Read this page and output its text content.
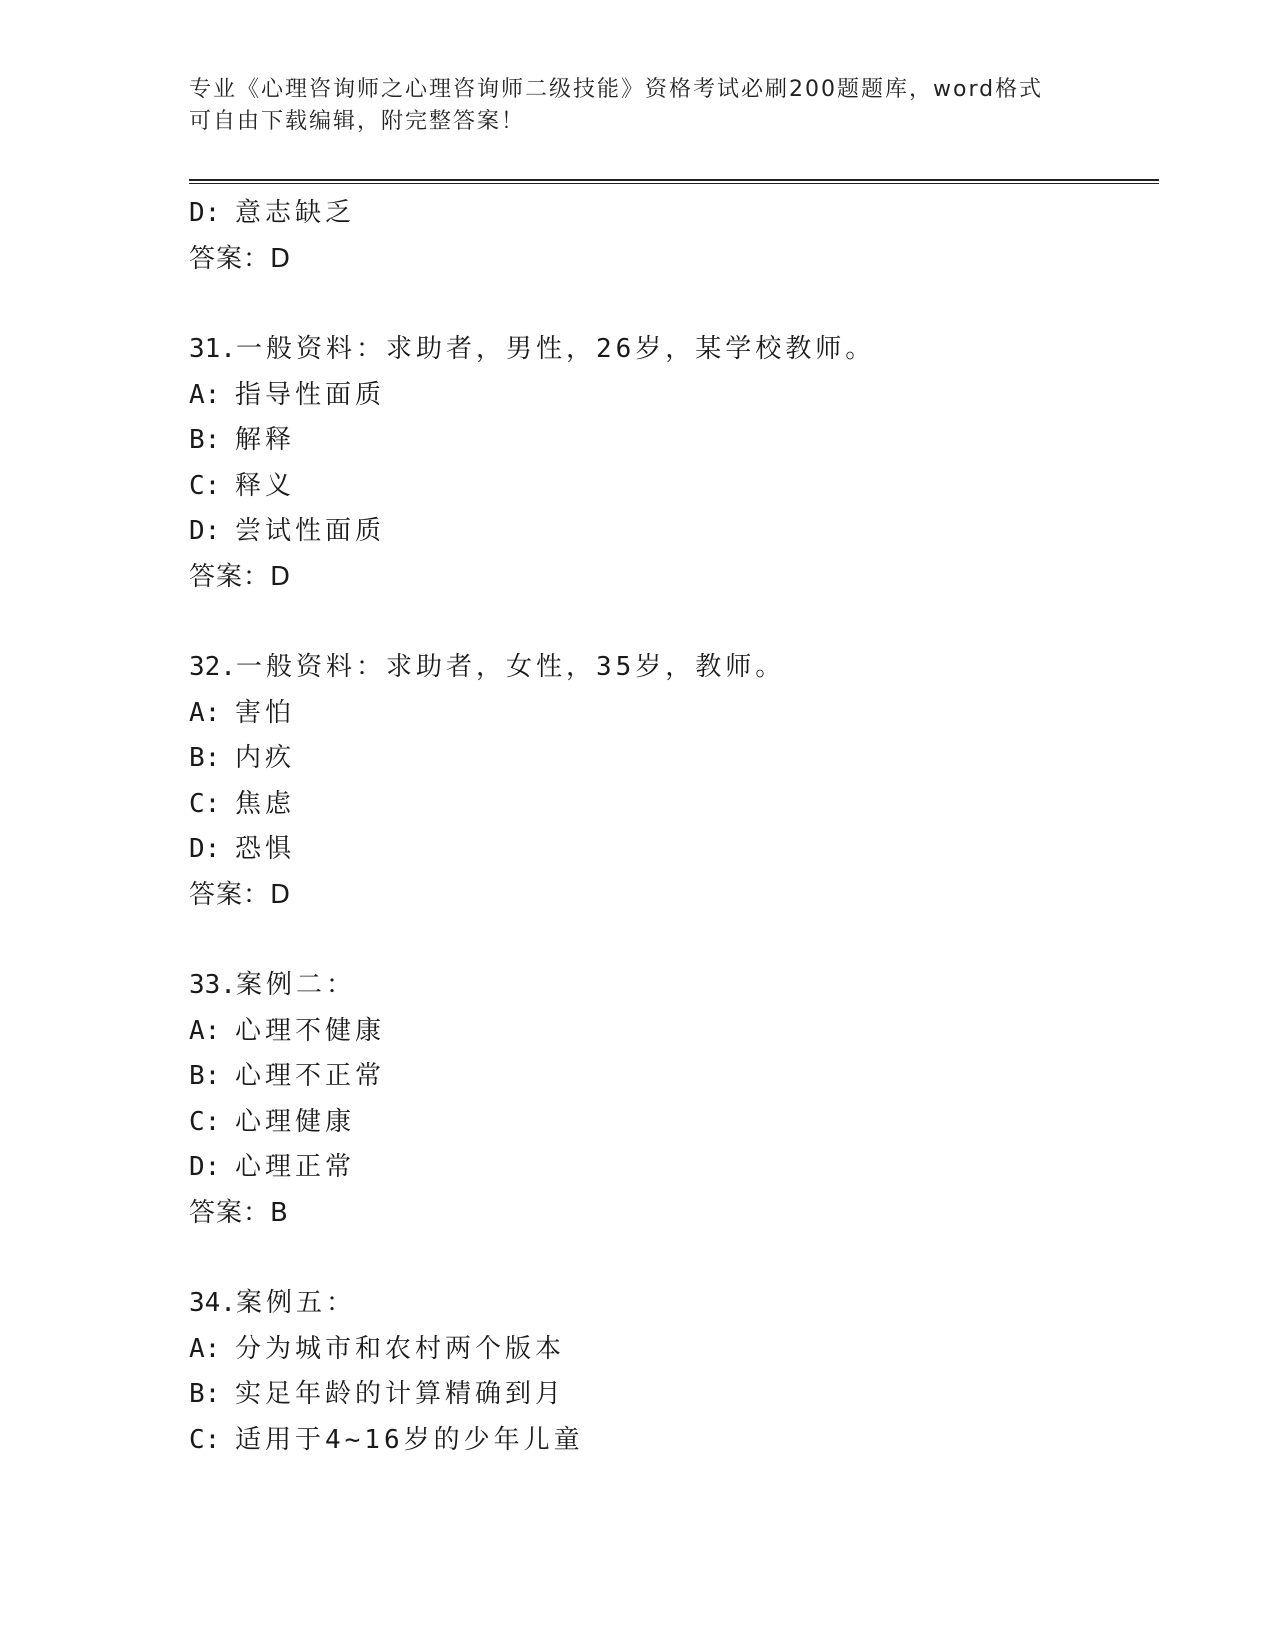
专业《心理咨询师之心理咨询师二级技能》资格考试必刷200题题库，word格式
可自由下载编辑，附完整答案！
D: 意志缺乏
答案：D
31.一般资料：求助者，男性，26岁，某学校教师。
A: 指导性面质
B: 解释
C: 释义
D: 尝试性面质
答案：D
32.一般资料：求助者，女性，35岁，教师。
A: 害怕
B: 内疚
C: 焦虑
D: 恐惧
答案：D
33.案例二：
A: 心理不健康
B: 心理不正常
C: 心理健康
D: 心理正常
答案：B
34.案例五：
A: 分为城市和农村两个版本
B: 实足年龄的计算精确到月
C: 适用于4~16岁的少年儿童
